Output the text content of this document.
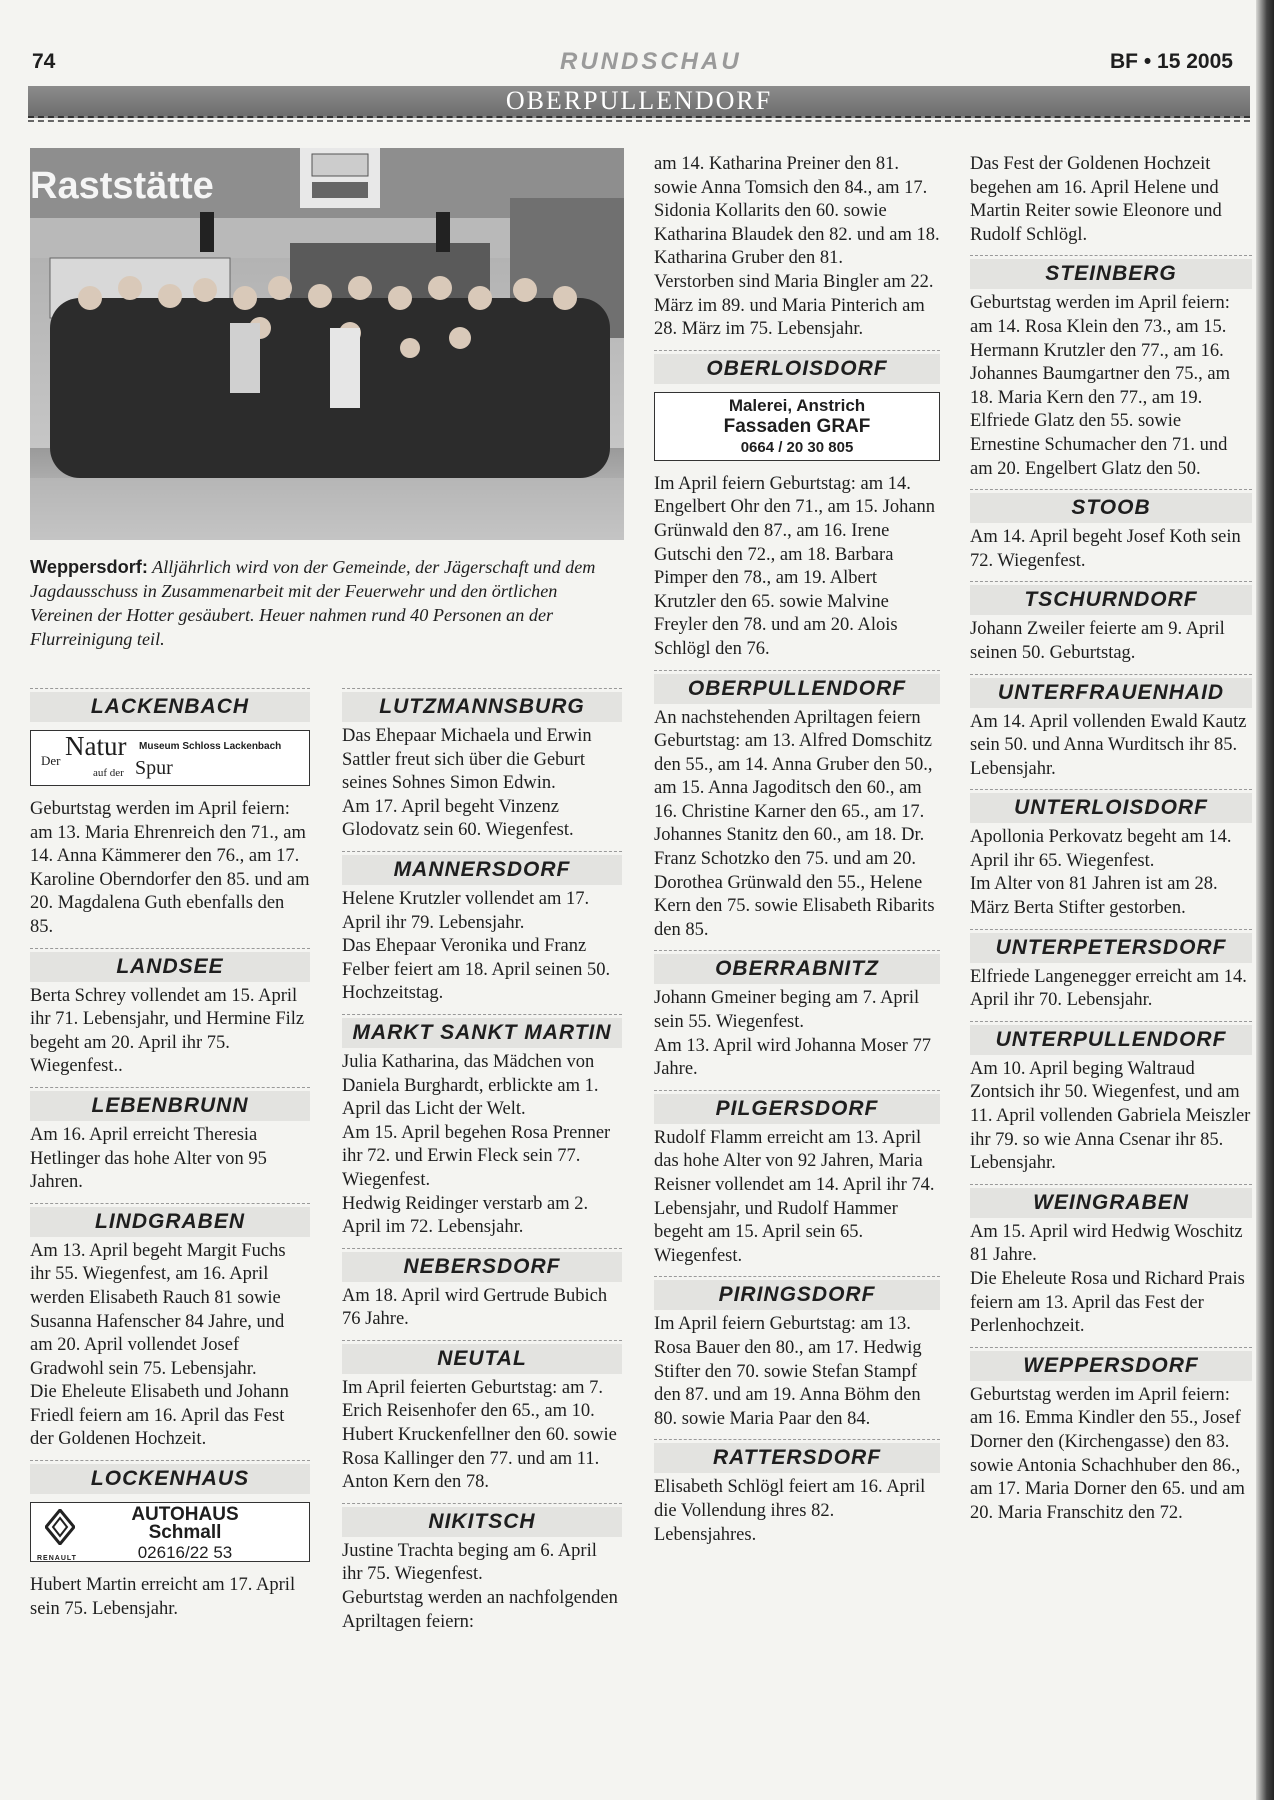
74	RUNDSCHAU	BF • 15 2005
OBERPULLENDORF
Raststätte
Weppersdorf: Alljährlich wird von der Gemeinde, der Jägerschaft und dem Jagdausschuss in Zusammenarbeit mit der Feuerwehr und den örtlichen Vereinen der Hotter gesäubert. Heuer nahmen rund 40 Personen an der Flurreinigung teil.
LACKENBACH
Der Natur
auf der Spur
Museum Schloss Lackenbach

Geburtstag werden im April feiern: am 13. Maria Ehrenreich den 71., am 14. Anna Kämmerer den 76., am 17. Karoline Oberndorfer den 85. und am 20. Magdalena Guth ebenfalls den 85.

LANDSEE

Berta Schrey vollendet am 15. April ihr 71. Lebensjahr, und Hermine Filz begeht am 20. April ihr 75. Wiegenfest..

LEBENBRUNN

Am 16. April erreicht Theresia Hetlinger das hohe Alter von 95 Jahren.

LINDGRABEN

Am 13. April begeht Margit Fuchs ihr 55. Wiegenfest, am 16. April werden Elisabeth Rauch 81 sowie Susanna Hafenscher 84 Jahre, und am 20. April vollendet Josef Gradwohl sein 75. Lebensjahr.

Die Eheleute Elisabeth und Johann Friedl feiern am 16. April das Fest der Goldenen Hochzeit.

LOCKENHAUS
AUTOHAUS
Schmall
02616/22 53
RENAULT

Hubert Martin erreicht am 17. April sein 75. Lebensjahr.

LUTZMANNSBURG

Das Ehepaar Michaela und Erwin Sattler freut sich über die Geburt seines Sohnes Simon Edwin.

Am 17. April begeht Vinzenz Glodovatz sein 60. Wiegenfest.

MANNERSDORF

Helene Krutzler vollendet am 17. April ihr 79. Lebensjahr.

Das Ehepaar Veronika und Franz Felber feiert am 18. April seinen 50. Hochzeitstag.

MARKT SANKT MARTIN

Julia Katharina, das Mädchen von Daniela Burghardt, erblickte am 1. April das Licht der Welt.

Am 15. April begehen Rosa Prenner ihr 72. und Erwin Fleck sein 77. Wiegenfest.

Hedwig Reidinger verstarb am 2. April im 72. Lebensjahr.

NEBERSDORF

Am 18. April wird Gertrude Bubich 76 Jahre.

NEUTAL

Im April feierten Geburtstag: am 7. Erich Reisenhofer den 65., am 10. Hubert Kruckenfellner den 60. sowie Rosa Kallinger den 77. und am 11. Anton Kern den 78.

NIKITSCH

Justine Trachta beging am 6. April ihr 75. Wiegenfest.

Geburtstag werden an nachfolgenden Apriltagen feiern:

am 14. Katharina Preiner den 81. sowie Anna Tomsich den 84., am 17. Sidonia Kollarits den 60. sowie Katharina Blaudek den 82. und am 18. Katharina Gruber den 81.

Verstorben sind Maria Bingler am 22. März im 89. und Maria Pinterich am 28. März im 75. Lebensjahr.

OBERLOISDORF
Malerei, Anstrich
Fassaden GRAF
0664 / 20 30 805

Im April feiern Geburtstag: am 14. Engelbert Ohr den 71., am 15. Johann Grünwald den 87., am 16. Irene Gutschi den 72., am 18. Barbara Pimper den 78., am 19. Albert Krutzler den 65. sowie Malvine Freyler den 78. und am 20. Alois Schlögl den 76.

OBERPULLENDORF

An nachstehenden Apriltagen feiern Geburtstag: am 13. Alfred Domschitz den 55., am 14. Anna Gruber den 50., am 15. Anna Jagoditsch den 60., am 16. Christine Karner den 65., am 17. Johannes Stanitz den 60., am 18. Dr. Franz Schotzko den 75. und am 20. Dorothea Grünwald den 55., Helene Kern den 75. sowie Elisabeth Ribarits den 85.

OBERRABNITZ

Johann Gmeiner beging am 7. April sein 55. Wiegenfest.

Am 13. April wird Johanna Moser 77 Jahre.

PILGERSDORF

Rudolf Flamm erreicht am 13. April das hohe Alter von 92 Jahren, Maria Reisner vollendet am 14. April ihr 74. Lebensjahr, und Rudolf Hammer begeht am 15. April sein 65. Wiegenfest.

PIRINGSDORF

Im April feiern Geburtstag: am 13. Rosa Bauer den 80., am 17. Hedwig Stifter den 70. sowie Stefan Stampf den 87. und am 19. Anna Böhm den 80. sowie Maria Paar den 84.

RATTERSDORF

Elisabeth Schlögl feiert am 16. April die Vollendung ihres 82. Lebensjahres.

Das Fest der Goldenen Hochzeit begehen am 16. April Helene und Martin Reiter sowie Eleonore und Rudolf Schlögl.

STEINBERG

Geburtstag werden im April feiern: am 14. Rosa Klein den 73., am 15. Hermann Krutzler den 77., am 16. Johannes Baumgartner den 75., am 18. Maria Kern den 77., am 19. Elfriede Glatz den 55. sowie Ernestine Schumacher den 71. und am 20. Engelbert Glatz den 50.

STOOB

Am 14. April begeht Josef Koth sein 72. Wiegenfest.

TSCHURNDORF

Johann Zweiler feierte am 9. April seinen 50. Geburtstag.

UNTERFRAUENHAID

Am 14. April vollenden Ewald Kautz sein 50. und Anna Wurditsch ihr 85. Lebensjahr.

UNTERLOISDORF

Apollonia Perkovatz begeht am 14. April ihr 65. Wiegenfest.

Im Alter von 81 Jahren ist am 28. März Berta Stifter gestorben.

UNTERPETERSDORF

Elfriede Langenegger erreicht am 14. April ihr 70. Lebensjahr.

UNTERPULLENDORF

Am 10. April beging Waltraud Zontsich ihr 50. Wiegenfest, und am 11. April vollenden Gabriela Meiszler ihr 79. so wie Anna Csenar ihr 85. Lebensjahr.

WEINGRABEN

Am 15. April wird Hedwig Woschitz 81 Jahre.

Die Eheleute Rosa und Richard Prais feiern am 13. April das Fest der Perlenhochzeit.

WEPPERSDORF

Geburtstag werden im April feiern: am 16. Emma Kindler den 55., Josef Dorner den (Kirchengasse) den 83. sowie Antonia Schachhuber den 86., am 17. Maria Dorner den 65. und am 20. Maria Franschitz den 72.
